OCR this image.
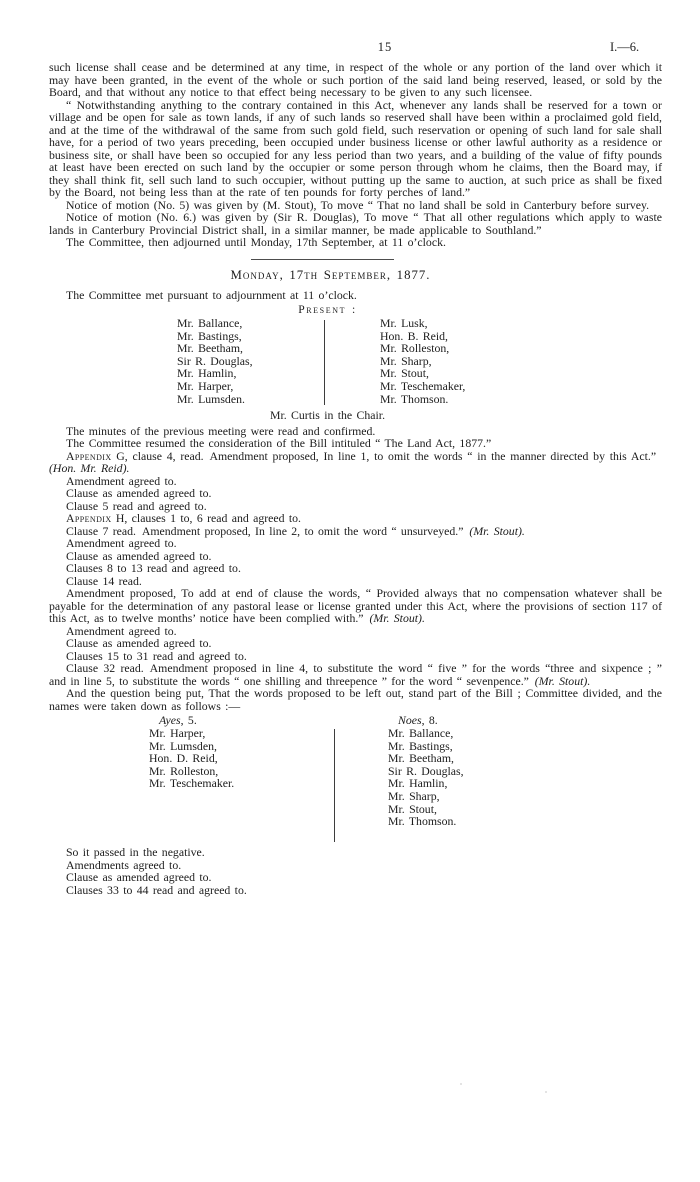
15	I.—6.

such license shall cease and be determined at any time, in respect of the whole or any portion of the land over which it may have been granted, in the event of the whole or such portion of the said land being reserved, leased, or sold by the Board, and that without any notice to that effect being necessary to be given to any such licensee.

“ Notwithstanding anything to the contrary contained in this Act, whenever any lands shall be reserved for a town or village and be open for sale as town lands, if any of such lands so reserved shall have been within a proclaimed gold field, and at the time of the withdrawal of the same from such gold field, such reservation or opening of such land for sale shall have, for a period of two years preceding, been occupied under business license or other lawful authority as a residence or business site, or shall have been so occupied for any less period than two years, and a building of the value of fifty pounds at least have been erected on such land by the occupier or some person through whom he claims, then the Board may, if they shall think fit, sell such land to such occupier, without putting up the same to auction, at such price as shall be fixed by the Board, not being less than at the rate of ten pounds for forty perches of land.”

Notice of motion (No. 5) was given by (M. Stout), To move “ That no land shall be sold in Canterbury before survey.

Notice of motion (No. 6.) was given by (Sir R. Douglas), To move “ That all other regulations which apply to waste lands in Canterbury Provincial District shall, in a similar manner, be made applicable to Southland.”

The Committee, then adjourned until Monday, 17th September, at 11 o’clock.

Monday, 17th September, 1877.

The Committee met pursuant to adjournment at 11 o’clock.

Present :

Mr. Ballance,
Mr. Bastings,
Mr. Beetham,
Sir R. Douglas,
Mr. Hamlin,
Mr. Harper,
Mr. Lumsden.
Mr. Lusk,
Hon. B. Reid,
Mr. Rolleston,
Mr. Sharp,
Mr. Stout,
Mr. Teschemaker,
Mr. Thomson.

Mr. Curtis in the Chair.

The minutes of the previous meeting were read and confirmed.

The Committee resumed the consideration of the Bill intituled “ The Land Act, 1877.”

Appendix G, clause 4, read. Amendment proposed, In line 1, to omit the words “ in the manner directed by this Act.” (Hon. Mr. Reid).

Amendment agreed to.

Clause as amended agreed to.

Clause 5 read and agreed to.

Appendix H, clauses 1 to, 6 read and agreed to.

Clause 7 read. Amendment proposed, In line 2, to omit the word “ unsurveyed.” (Mr. Stout).

Amendment agreed to.

Clause as amended agreed to.

Clauses 8 to 13 read and agreed to.

Clause 14 read.

Amendment proposed, To add at end of clause the words, “ Provided always that no compensation whatever shall be payable for the determination of any pastoral lease or license granted under this Act, where the provisions of section 117 of this Act, as to twelve months’ notice have been complied with.” (Mr. Stout).

Amendment agreed to.

Clause as amended agreed to.

Clauses 15 to 31 read and agreed to.

Clause 32 read. Amendment proposed in line 4, to substitute the word “ five ” for the words “three and sixpence ; ” and in line 5, to substitute the words “ one shilling and threepence ” for the word “ sevenpence.” (Mr. Stout).

And the question being put, That the words proposed to be left out, stand part of the Bill ; Committee divided, and the names were taken down as follows :—

Ayes, 5.
Mr. Harper,
Mr. Lumsden,
Hon. D. Reid,
Mr. Rolleston,
Mr. Teschemaker.
Noes, 8.
Mr. Ballance,
Mr. Bastings,
Mr. Beetham,
Sir R. Douglas,
Mr. Hamlin,
Mr. Sharp,
Mr. Stout,
Mr. Thomson.

So it passed in the negative.

Amendments agreed to.

Clause as amended agreed to.

Clauses 33 to 44 read and agreed to.
